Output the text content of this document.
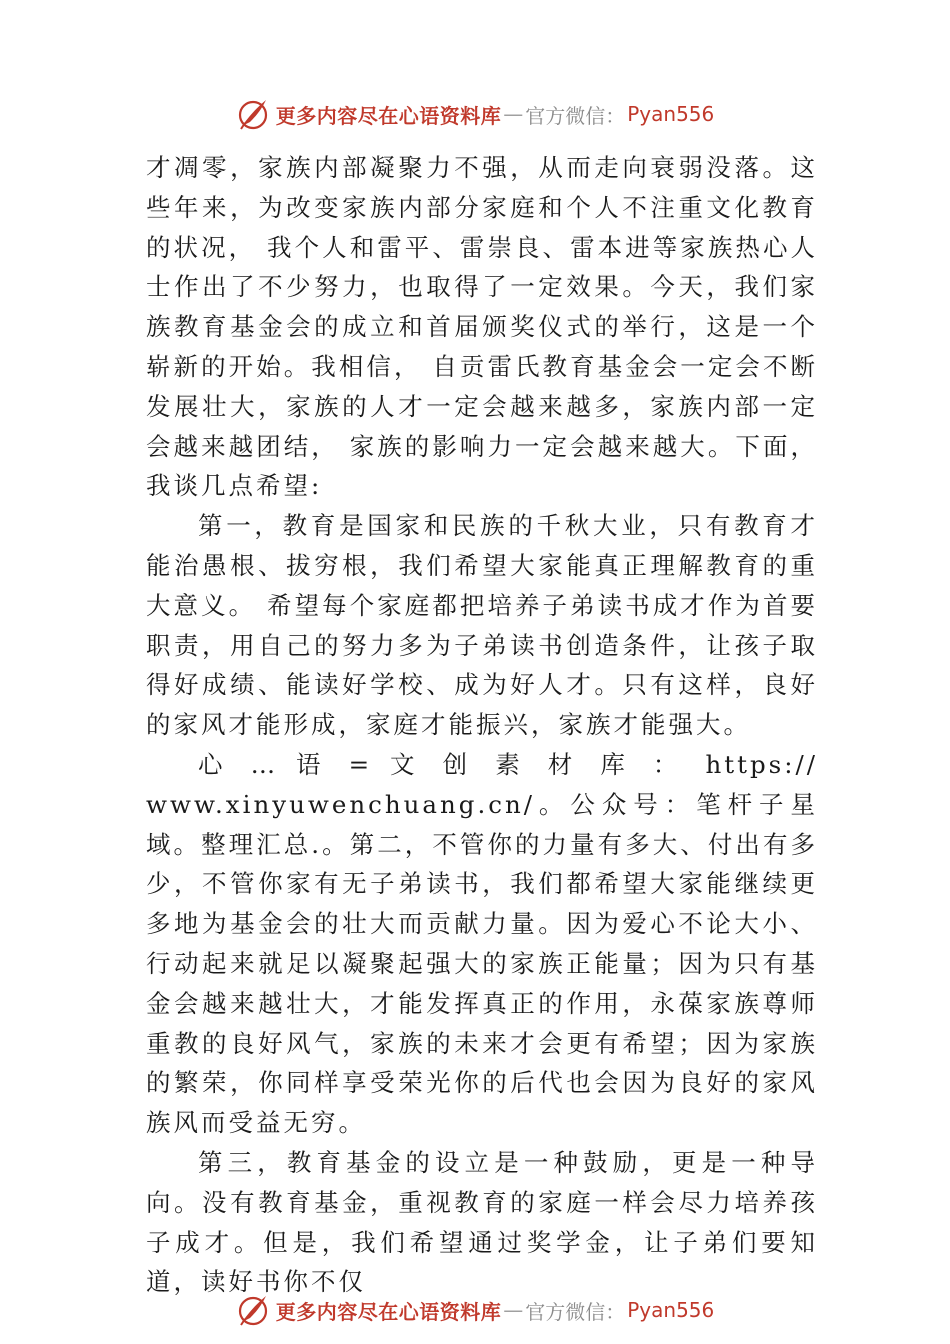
更多内容尽在心语资料库 — 官方微信： Pyan556

才凋零，家族内部凝聚力不强，从而走向衰弱没落。这些年来，为改变家族内部分家庭和个人不注重文化教育的状况， 我个人和雷平、雷崇良、雷本进等家族热心人士作出了不少努力，也取得了一定效果。今天，我们家族教育基金会的成立和首届颁奖仪式的举行，这是一个崭新的开始。我相信， 自贡雷氏教育基金会一定会不断发展壮大，家族的人才一定会越来越多，家族内部一定会越来越团结， 家族的影响力一定会越来越大。下面，我谈几点希望:

第一，教育是国家和民族的千秋大业，只有教育才能治愚根、拔穷根，我们希望大家能真正理解教育的重大意义。 希望每个家庭都把培养子弟读书成才作为首要职责，用自己的努力多为子弟读书创造条件，让孩子取得好成绩、能读好学校、成为好人才。只有这样，良好的家风才能形成，家庭才能振兴，家族才能强大。

心 … 语 = 文 创 素 材 库 ： https://

www.xinyuwenchuang.cn/。公众号：笔杆子星域。整理汇总.。第二，不管你的力量有多大、付出有多少，不管你家有无子弟读书，我们都希望大家能继续更多地为基金会的壮大而贡献力量。因为爱心不论大小、行动起来就足以凝聚起强大的家族正能量；因为只有基金会越来越壮大，才能发挥真正的作用，永葆家族尊师重教的良好风气，家族的未来才会更有希望；因为家族的繁荣，你同样享受荣光你的后代也会因为良好的家风族风而受益无穷。

第三，教育基金的设立是一种鼓励，更是一种导向。没有教育基金，重视教育的家庭一样会尽力培养孩子成才。但是，我们希望通过奖学金，让子弟们要知道，读好书你不仅

更多内容尽在心语资料库 — 官方微信： Pyan556
